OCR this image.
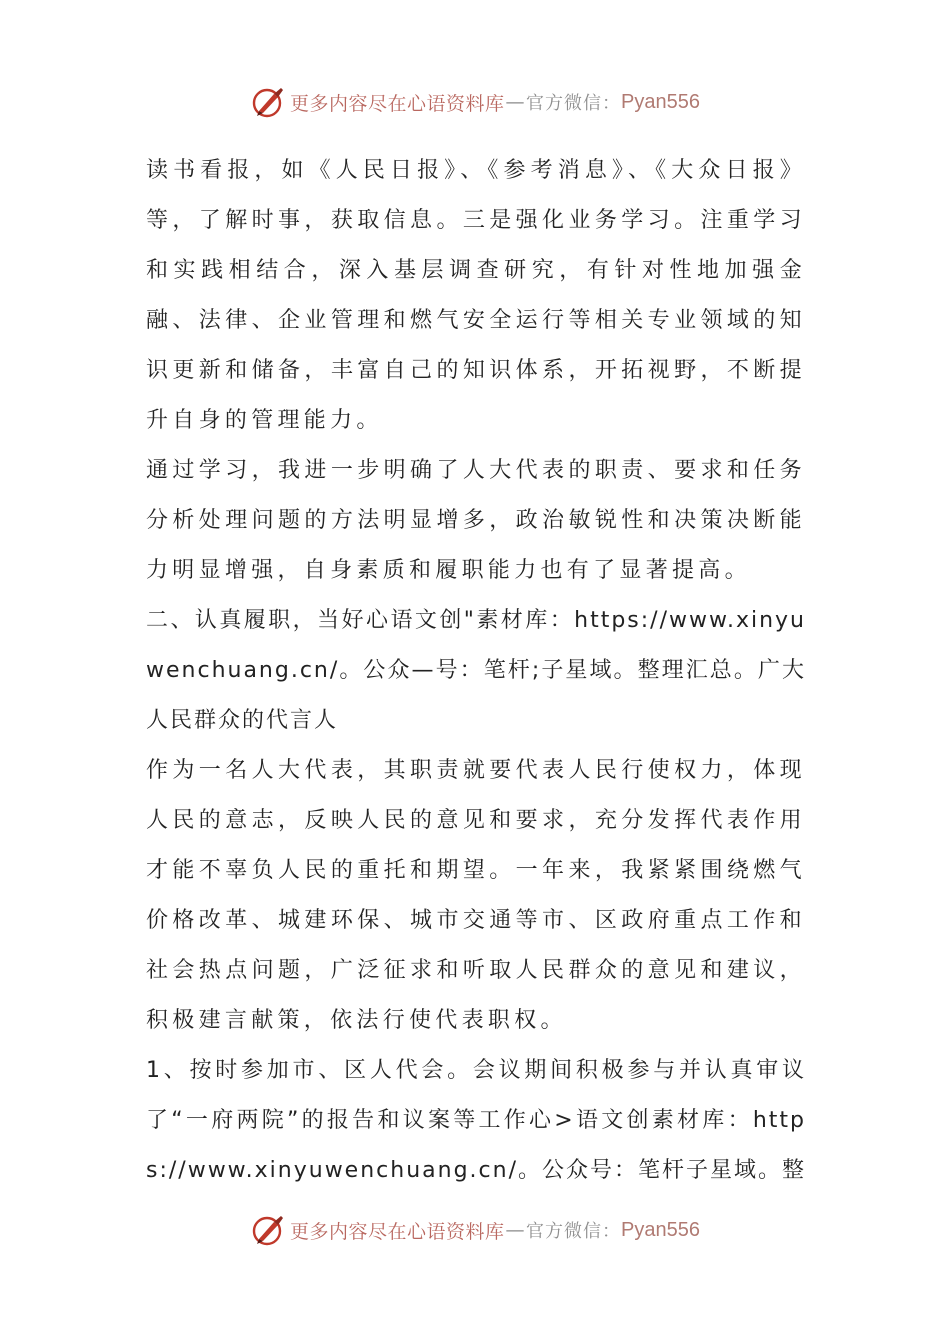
更多内容尽在心语资料库 — 官方微信： Pyan556

读书看报，如《人民日报》、《参考消息》、《大众日报》等，了解时事，获取信息。三是强化业务学习。注重学习和实践相结合，深入基层调查研究，有针对性地加强金融、法律、企业管理和燃气安全运行等相关专业领域的知识更新和储备，丰富自己的知识体系，开拓视野，不断提升自身的管理能力。

通过学习，我进一步明确了人大代表的职责、要求和任务分析处理问题的方法明显增多，政治敏锐性和决策决断能力明显增强，自身素质和履职能力也有了显著提高。

二、认真履职，当好心语文创"素材库：https://www.xinyuwenchuang.cn/。公众—号：笔杆;子星域。整理汇总。广大人民群众的代言人

作为一名人大代表，其职责就要代表人民行使权力，体现人民的意志，反映人民的意见和要求，充分发挥代表作用才能不辜负人民的重托和期望。一年来，我紧紧围绕燃气价格改革、城建环保、城市交通等市、区政府重点工作和社会热点问题，广泛征求和听取人民群众的意见和建议，积极建言献策，依法行使代表职权。

1、按时参加市、区人代会。会议期间积极参与并认真审议了“一府两院”的报告和议案等工作心>语文创素材库：https://www.xinyuwenchuang.cn/。公众号：笔杆子星域。整

更多内容尽在心语资料库 — 官方微信： Pyan556
